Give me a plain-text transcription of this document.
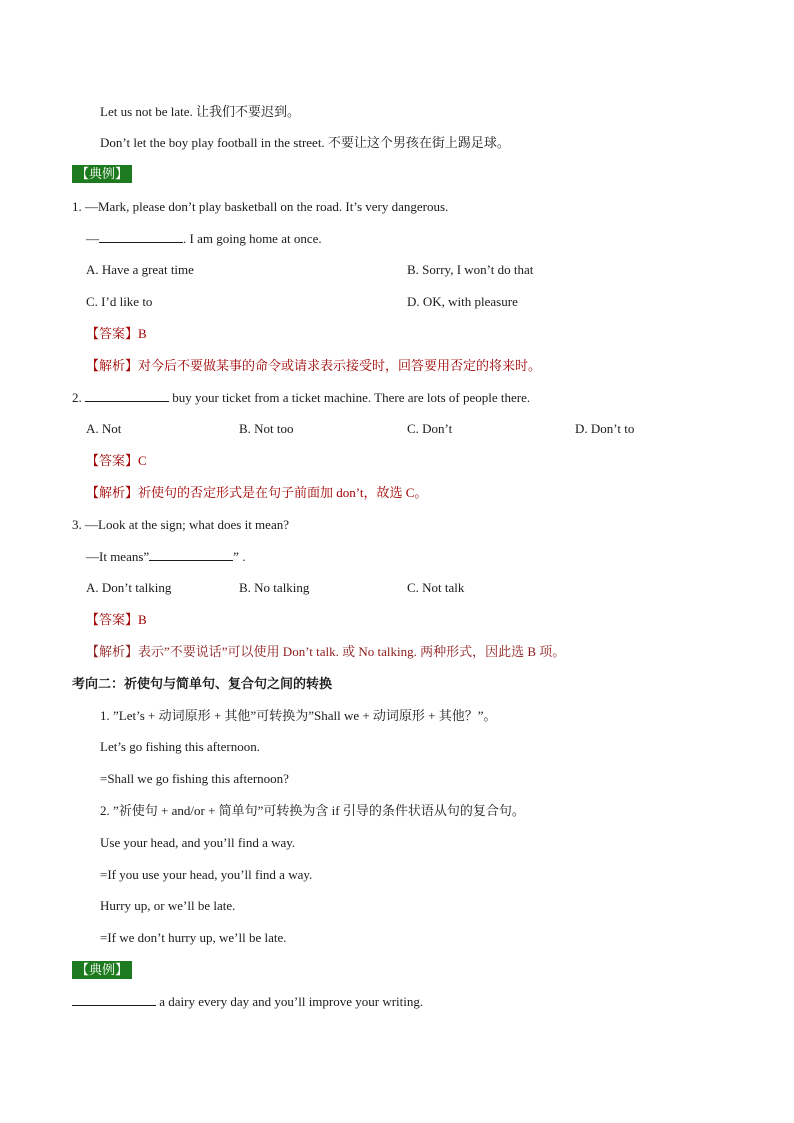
Let us not be late. 让我们不要迟到。
Don’t let the boy play football in the street. 不要让这个男孩在街上踢足球。
【典例】
1. —Mark, please don’t play basketball on the road. It’s very dangerous.
—	. I am going home at once.
A. Have a great time	B. Sorry, I won’t do that
C. I’d like to	D. OK, with pleasure
【答案】B
【解析】对今后不要做某事的命令或请求表示接受时，回答要用否定的将来时。
2.	buy your ticket from a ticket machine. There are lots of people there.
A. Not	B. Not too	C. Don’t	D. Don’t to
【答案】C
【解析】祈使句的否定形式是在句子前面加 don’t，故选 C。
3. —Look at the sign; what does it mean?
—It means”	” .
A. Don’t talking	B. No talking	C. Not talk
【答案】B
【解析】表示”不要说话”可以使用 Don’t talk. 或 No talking. 两种形式，因此选 B 项。
考向二：祈使句与简单句、复合句之间的转换
1. ”Let’s + 动词原形 + 其他”可转换为”Shall we + 动词原形 + 其他？”。
Let’s go fishing this afternoon.
=Shall we go fishing this afternoon?
2. ”祈使句 + and/or + 简单句”可转换为含 if 引导的条件状语从句的复合句。
Use your head, and you’ll find a way.
=If you use your head, you’ll find a way.
Hurry up, or we’ll be late.
=If we don’t hurry up, we’ll be late.
【典例】
a dairy every day and you’ll improve your writing.
